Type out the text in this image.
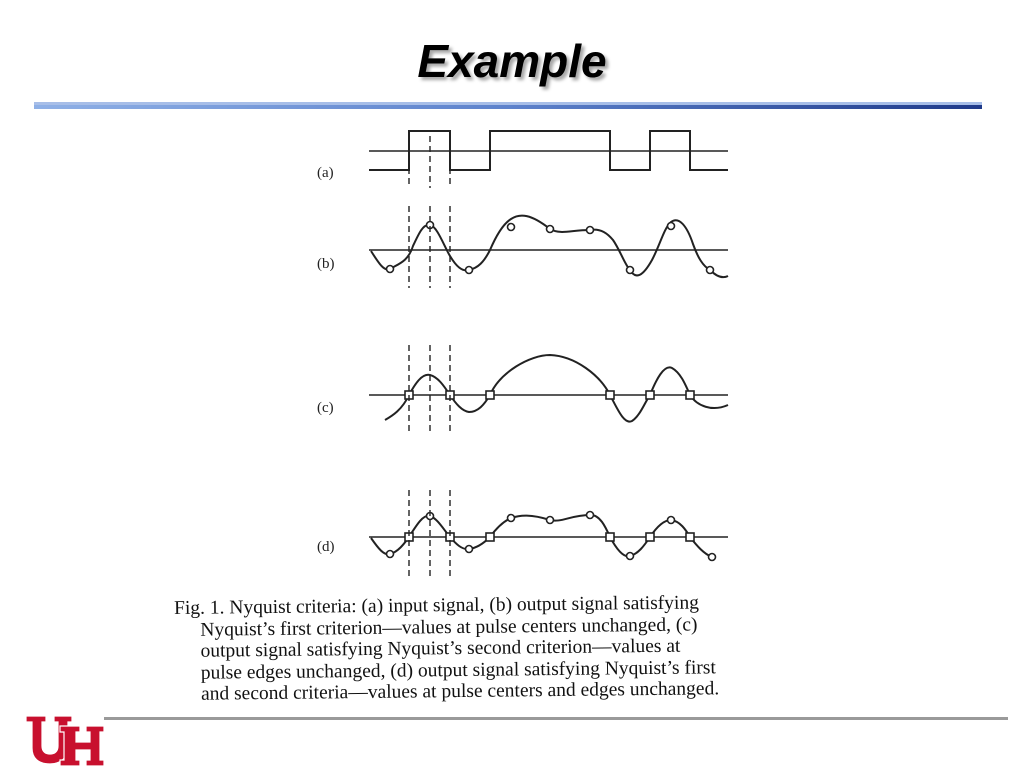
Example
(a)
(b)
(c)
(d)

Fig. 1. Nyquist criteria: (a) input signal, (b) output signal satisfying

Nyquist’s first criterion—values at pulse centers unchanged, (c)

output signal satisfying Nyquist’s second criterion—values at

pulse edges unchanged, (d) output signal satisfying Nyquist’s first

and second criteria—values at pulse centers and edges unchanged.
